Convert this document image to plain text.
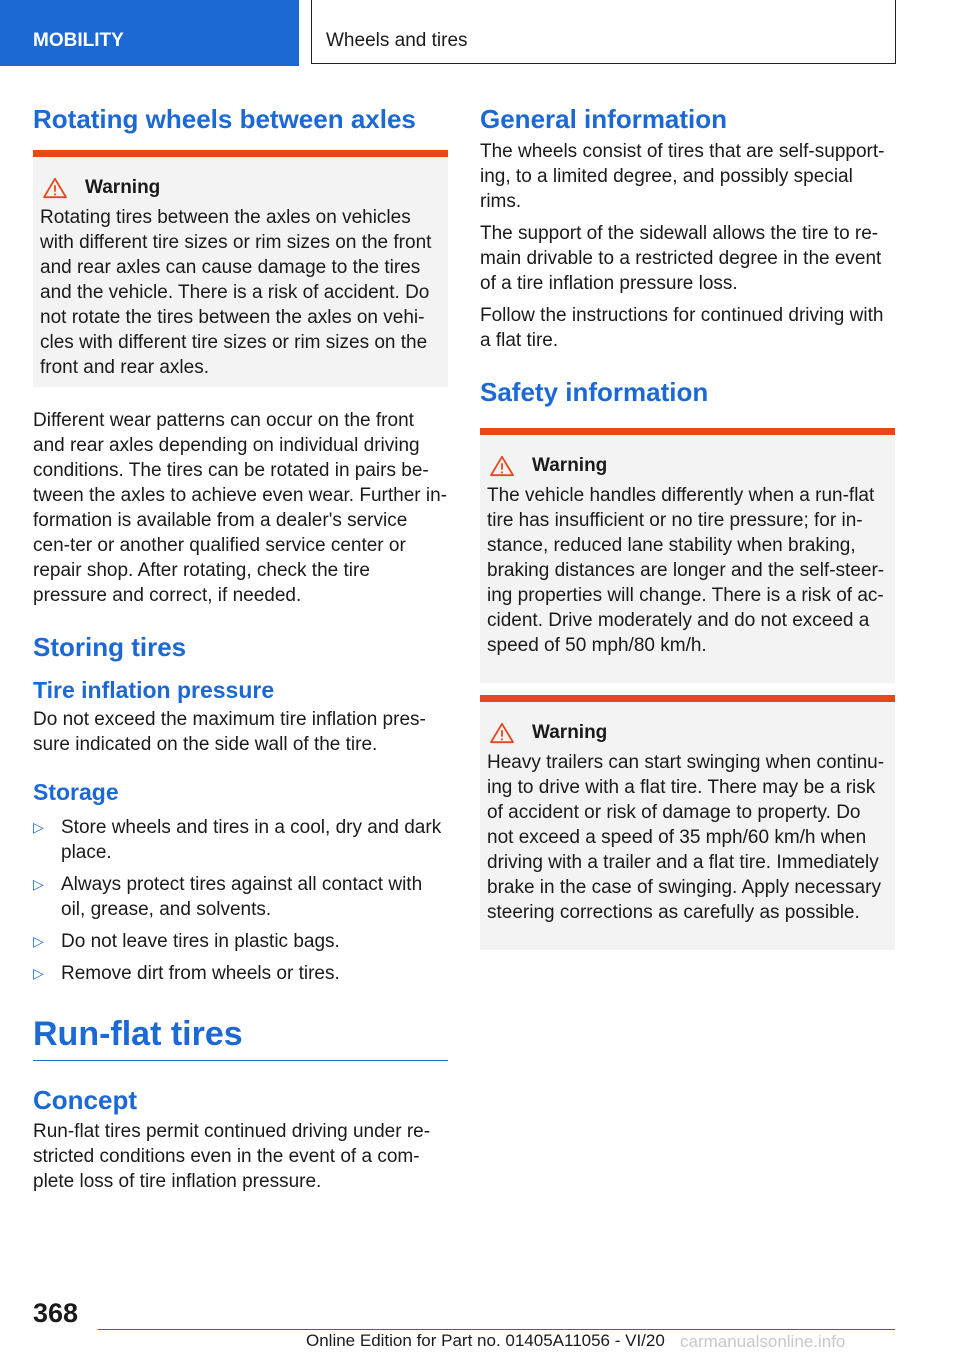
MOBILITY	Wheels and tires
Rotating wheels between axles
Warning

Rotating tires between the axles on vehicles with different tire sizes or rim sizes on the front and rear axles can cause damage to the tires and the vehicle. There is a risk of accident. Do not rotate the tires between the axles on vehi-cles with different tire sizes or rim sizes on the front and rear axles.

Different wear patterns can occur on the front and rear axles depending on individual driving conditions. The tires can be rotated in pairs be-tween the axles to achieve even wear. Further in-formation is available from a dealer's service cen-ter or another qualified service center or repair shop. After rotating, check the tire pressure and correct, if needed.

Storing tires
Tire inflation pressure

Do not exceed the maximum tire inflation pres-sure indicated on the side wall of the tire.

Storage
▷ Store wheels and tires in a cool, dry and dark place.
▷ Always protect tires against all contact with oil, grease, and solvents.
▷ Do not leave tires in plastic bags.
▷ Remove dirt from wheels or tires.
Run-flat tires
Concept

Run-flat tires permit continued driving under re-stricted conditions even in the event of a com-plete loss of tire inflation pressure.

General information

The wheels consist of tires that are self-support-ing, to a limited degree, and possibly special rims.

The support of the sidewall allows the tire to re-main drivable to a restricted degree in the event of a tire inflation pressure loss.

Follow the instructions for continued driving with a flat tire.

Safety information
Warning

The vehicle handles differently when a run-flat tire has insufficient or no tire pressure; for in-stance, reduced lane stability when braking, braking distances are longer and the self-steer-ing properties will change. There is a risk of ac-cident. Drive moderately and do not exceed a speed of 50 mph/80 km/h.

Warning

Heavy trailers can start swinging when continu-ing to drive with a flat tire. There may be a risk of accident or risk of damage to property. Do not exceed a speed of 35 mph/60 km/h when driving with a trailer and a flat tire. Immediately brake in the case of swinging. Apply necessary steering corrections as carefully as possible.

368
Online Edition for Part no. 01405A11056 - VI/20 carmanualsonline.info
